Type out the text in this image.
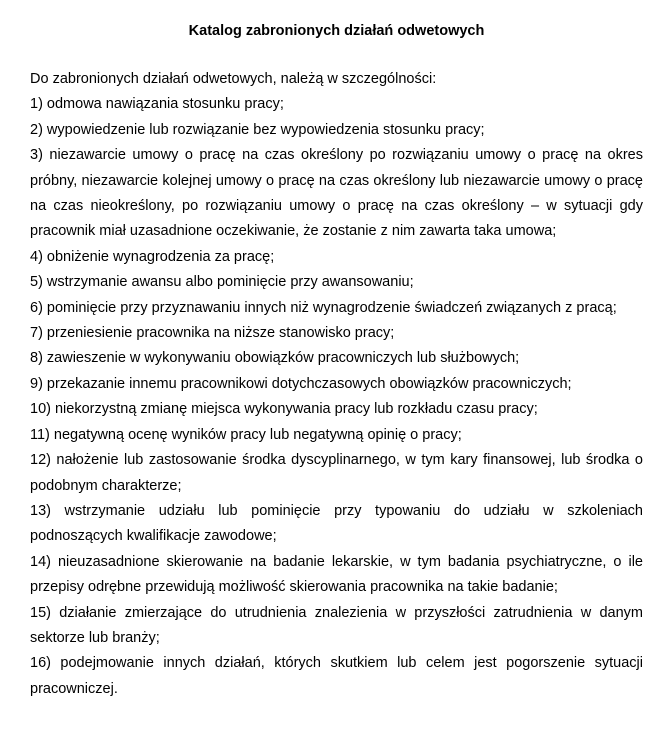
Katalog zabronionych działań odwetowych

Do zabronionych działań odwetowych, należą w szczególności:

1) odmowa nawiązania stosunku pracy;

2) wypowiedzenie lub rozwiązanie bez wypowiedzenia stosunku pracy;

3) niezawarcie umowy o pracę na czas określony po rozwiązaniu umowy o pracę na okres próbny, niezawarcie kolejnej umowy o pracę na czas określony lub niezawarcie umowy o pracę na czas nieokreślony, po rozwiązaniu umowy o pracę na czas określony – w sytuacji gdy pracownik miał uzasadnione oczekiwanie, że zostanie z nim zawarta taka umowa;

4) obniżenie wynagrodzenia za pracę;

5) wstrzymanie awansu albo pominięcie przy awansowaniu;

6) pominięcie przy przyznawaniu innych niż wynagrodzenie świadczeń związanych z pracą;

7) przeniesienie pracownika na niższe stanowisko pracy;

8) zawieszenie w wykonywaniu obowiązków pracowniczych lub służbowych;

9) przekazanie innemu pracownikowi dotychczasowych obowiązków pracowniczych;

10) niekorzystną zmianę miejsca wykonywania pracy lub rozkładu czasu pracy;

11) negatywną ocenę wyników pracy lub negatywną opinię o pracy;

12) nałożenie lub zastosowanie środka dyscyplinarnego, w tym kary finansowej, lub środka o podobnym charakterze;

13) wstrzymanie udziału lub pominięcie przy typowaniu do udziału w szkoleniach podnoszących kwalifikacje zawodowe;

14) nieuzasadnione skierowanie na badanie lekarskie, w tym badania psychiatryczne, o ile przepisy odrębne przewidują możliwość skierowania pracownika na takie badanie;

15) działanie zmierzające do utrudnienia znalezienia w przyszłości zatrudnienia w danym sektorze lub branży;

16) podejmowanie innych działań, których skutkiem lub celem jest pogorszenie sytuacji pracowniczej.
